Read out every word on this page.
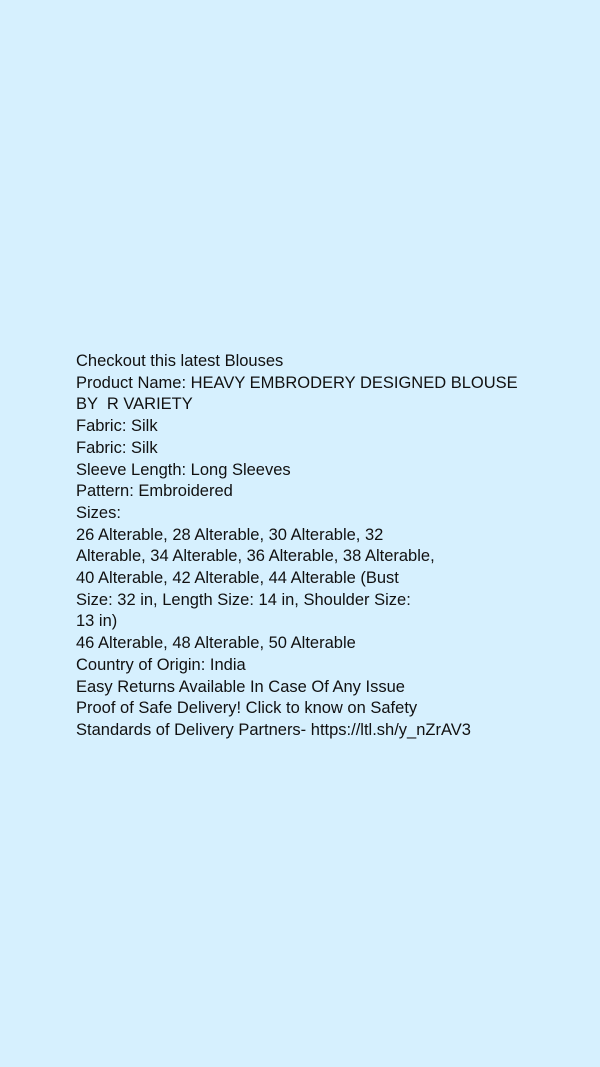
Checkout this latest Blouses
Product Name: HEAVY EMBRODERY DESIGNED BLOUSE
BY  R VARIETY
Fabric: Silk
Fabric: Silk
Sleeve Length: Long Sleeves
Pattern: Embroidered
Sizes:
26 Alterable, 28 Alterable, 30 Alterable, 32
Alterable, 34 Alterable, 36 Alterable, 38 Alterable,
40 Alterable, 42 Alterable, 44 Alterable (Bust
Size: 32 in, Length Size: 14 in, Shoulder Size:
13 in)
46 Alterable, 48 Alterable, 50 Alterable
Country of Origin: India
Easy Returns Available In Case Of Any Issue
Proof of Safe Delivery! Click to know on Safety
Standards of Delivery Partners- https://ltl.sh/y_nZrAV3
